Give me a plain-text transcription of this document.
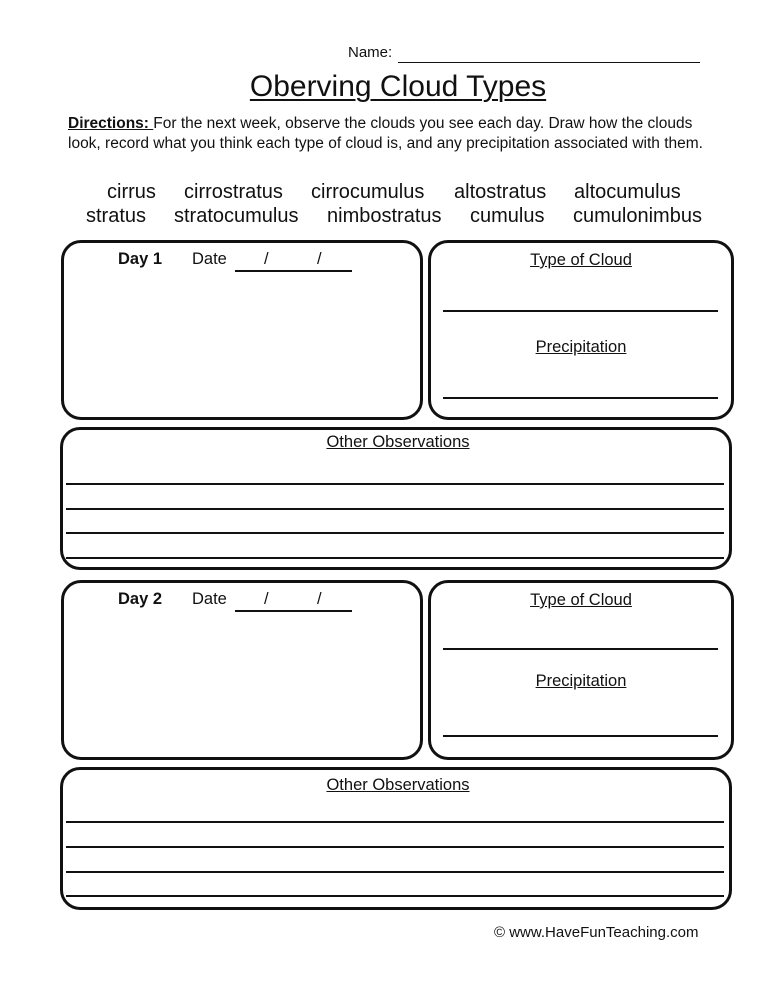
Name:
Oberving Cloud Types
Directions: For the next week, observe the clouds you see each day. Draw how the clouds look, record what you think each type of cloud is, and any precipitation associated with them.
cirrus cirrostratus cirrocumulus altostratus altocumulus
stratus stratocumulus nimbostratus cumulus cumulonimbus
Day 1 Date /	/	Type of Cloud
Precipitation
Other Observations
Day 2 Date /	/	Type of Cloud
Precipitation
Other Observations
© www.HaveFunTeaching.com
